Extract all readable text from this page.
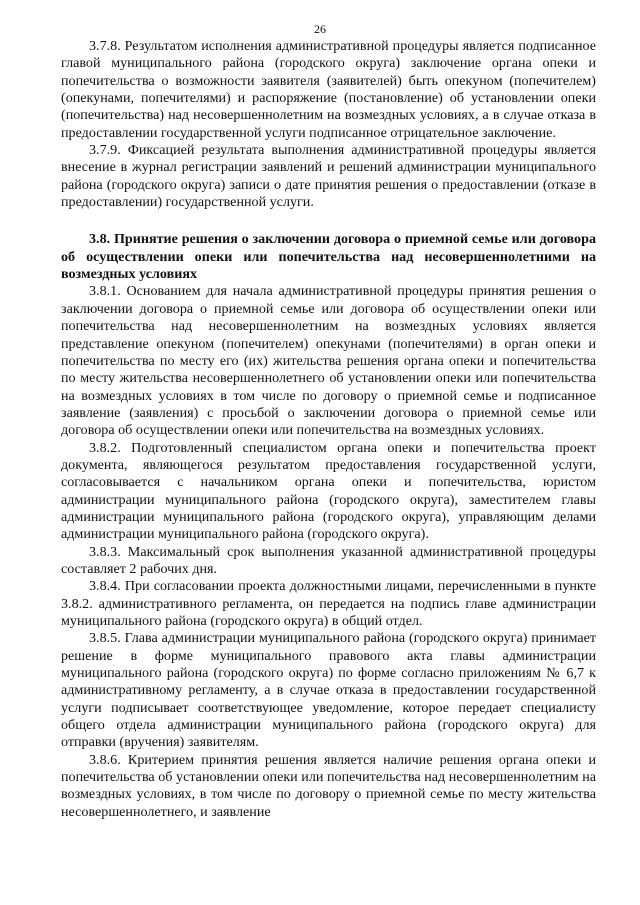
26

3.7.8. Результатом исполнения административной процедуры является подписанное главой муниципального района (городского округа) заключение органа опеки и попечительства о возможности заявителя (заявителей) быть опекуном (попечителем) (опекунами, попечителями) и распоряжение (постановление) об установлении опеки (попечительства) над несовершеннолетним на возмездных условиях, а в случае отказа в предоставлении государственной услуги подписанное отрицательное заключение.

3.7.9. Фиксацией результата выполнения административной процедуры является внесение в журнал регистрации заявлений и решений администрации муниципального района (городского округа) записи о дате принятия решения о предоставлении (отказе в предоставлении) государственной услуги.

3.8. Принятие решения о заключении договора о приемной семье или договора об осуществлении опеки или попечительства над несовершеннолетними на возмездных условиях

3.8.1. Основанием для начала административной процедуры принятия решения о заключении договора о приемной семье или договора об осуществлении опеки или попечительства над несовершеннолетним на возмездных условиях является представление опекуном (попечителем) опекунами (попечителями) в орган опеки и попечительства по месту его (их) жительства решения органа опеки и попечительства по месту жительства несовершеннолетнего об установлении опеки или попечительства на возмездных условиях в том числе по договору о приемной семье и подписанное заявление (заявления) с просьбой о заключении договора о приемной семье или договора об осуществлении опеки или попечительства на возмездных условиях.

3.8.2. Подготовленный специалистом органа опеки и попечительства проект документа, являющегося результатом предоставления государственной услуги, согласовывается с начальником органа опеки и попечительства, юристом администрации муниципального района (городского округа), заместителем главы администрации муниципального района (городского округа), управляющим делами администрации муниципального района (городского округа).

3.8.3. Максимальный срок выполнения указанной административной процедуры составляет 2 рабочих дня.

3.8.4. При согласовании проекта должностными лицами, перечисленными в пункте 3.8.2. административного регламента, он передается на подпись главе администрации муниципального района (городского округа) в общий отдел.

3.8.5. Глава администрации муниципального района (городского округа) принимает решение в форме муниципального правового акта главы администрации муниципального района (городского округа) по форме согласно приложениям № 6,7 к административному регламенту, а в случае отказа в предоставлении государственной услуги подписывает соответствующее уведомление, которое передает специалисту общего отдела администрации муниципального района (городского округа) для отправки (вручения) заявителям.

3.8.6. Критерием принятия решения является наличие решения органа опеки и попечительства об установлении опеки или попечительства над несовершеннолетним на возмездных условиях, в том числе по договору о приемной семье по месту жительства несовершеннолетнего, и заявление
